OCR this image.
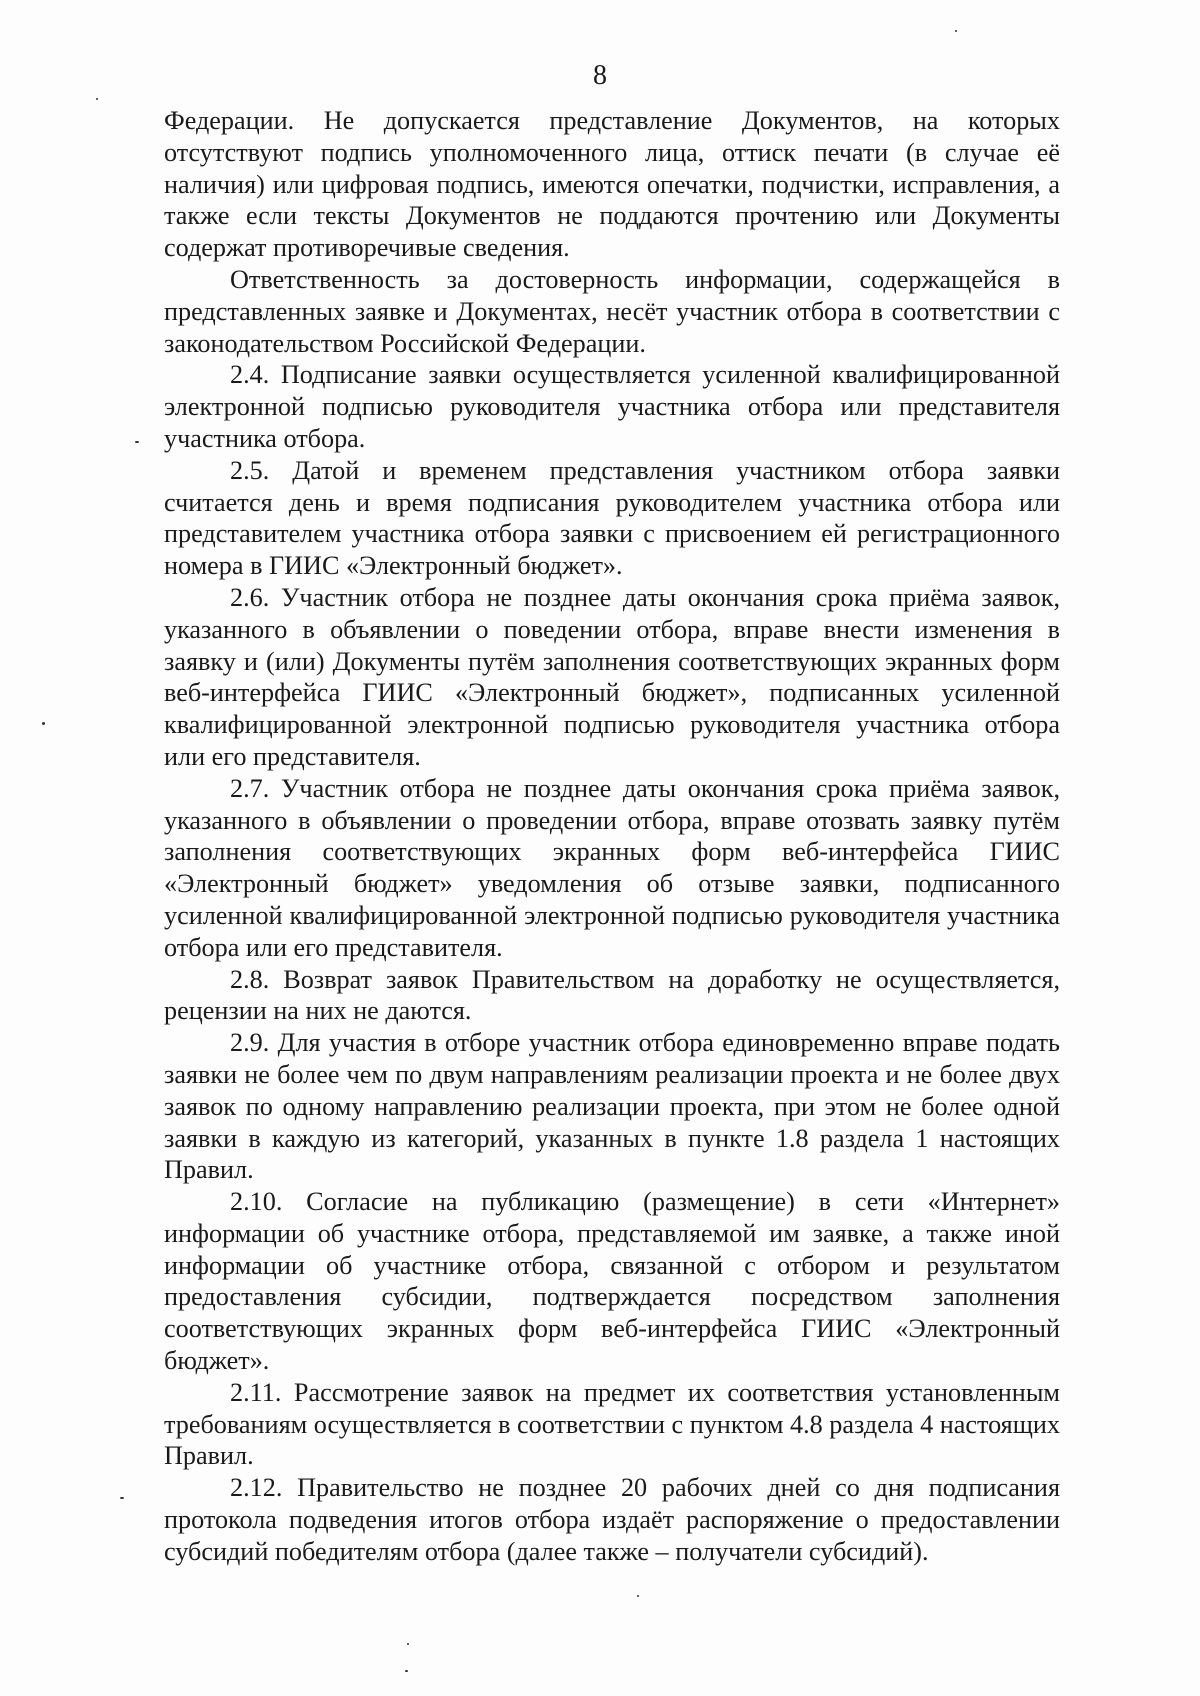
8

Федерации. Не допускается представление Документов, на которых отсутствуют подпись уполномоченного лица, оттиск печати (в случае её наличия) или цифровая подпись, имеются опечатки, подчистки, исправления, а также если тексты Документов не поддаются прочтению или Документы содержат противоречивые сведения.

Ответственность за достоверность информации, содержащейся в представленных заявке и Документах, несёт участник отбора в соответствии с законодательством Российской Федерации.

2.4. Подписание заявки осуществляется усиленной квалифицированной электронной подписью руководителя участника отбора или представителя участника отбора.

2.5. Датой и временем представления участником отбора заявки считается день и время подписания руководителем участника отбора или представителем участника отбора заявки с присвоением ей регистрационного номера в ГИИС «Электронный бюджет».

2.6. Участник отбора не позднее даты окончания срока приёма заявок, указанного в объявлении о поведении отбора, вправе внести изменения в заявку и (или) Документы путём заполнения соответствующих экранных форм веб-интерфейса ГИИС «Электронный бюджет», подписанных усиленной квалифицированной электронной подписью руководителя участника отбора или его представителя.

2.7. Участник отбора не позднее даты окончания срока приёма заявок, указанного в объявлении о проведении отбора, вправе отозвать заявку путём заполнения соответствующих экранных форм веб-интерфейса ГИИС «Электронный бюджет» уведомления об отзыве заявки, подписанного усиленной квалифицированной электронной подписью руководителя участника отбора или его представителя.

2.8. Возврат заявок Правительством на доработку не осуществляется, рецензии на них не даются.

2.9. Для участия в отборе участник отбора единовременно вправе подать заявки не более чем по двум направлениям реализации проекта и не более двух заявок по одному направлению реализации проекта, при этом не более одной заявки в каждую из категорий, указанных в пункте 1.8 раздела 1 настоящих Правил.

2.10. Согласие на публикацию (размещение) в сети «Интернет» информации об участнике отбора, представляемой им заявке, а также иной информации об участнике отбора, связанной с отбором и результатом предоставления субсидии, подтверждается посредством заполнения соответствующих экранных форм веб-интерфейса ГИИС «Электронный бюджет».

2.11. Рассмотрение заявок на предмет их соответствия установленным требованиям осуществляется в соответствии с пунктом 4.8 раздела 4 настоящих Правил.

2.12. Правительство не позднее 20 рабочих дней со дня подписания протокола подведения итогов отбора издаёт распоряжение о предоставлении субсидий победителям отбора (далее также – получатели субсидий).
